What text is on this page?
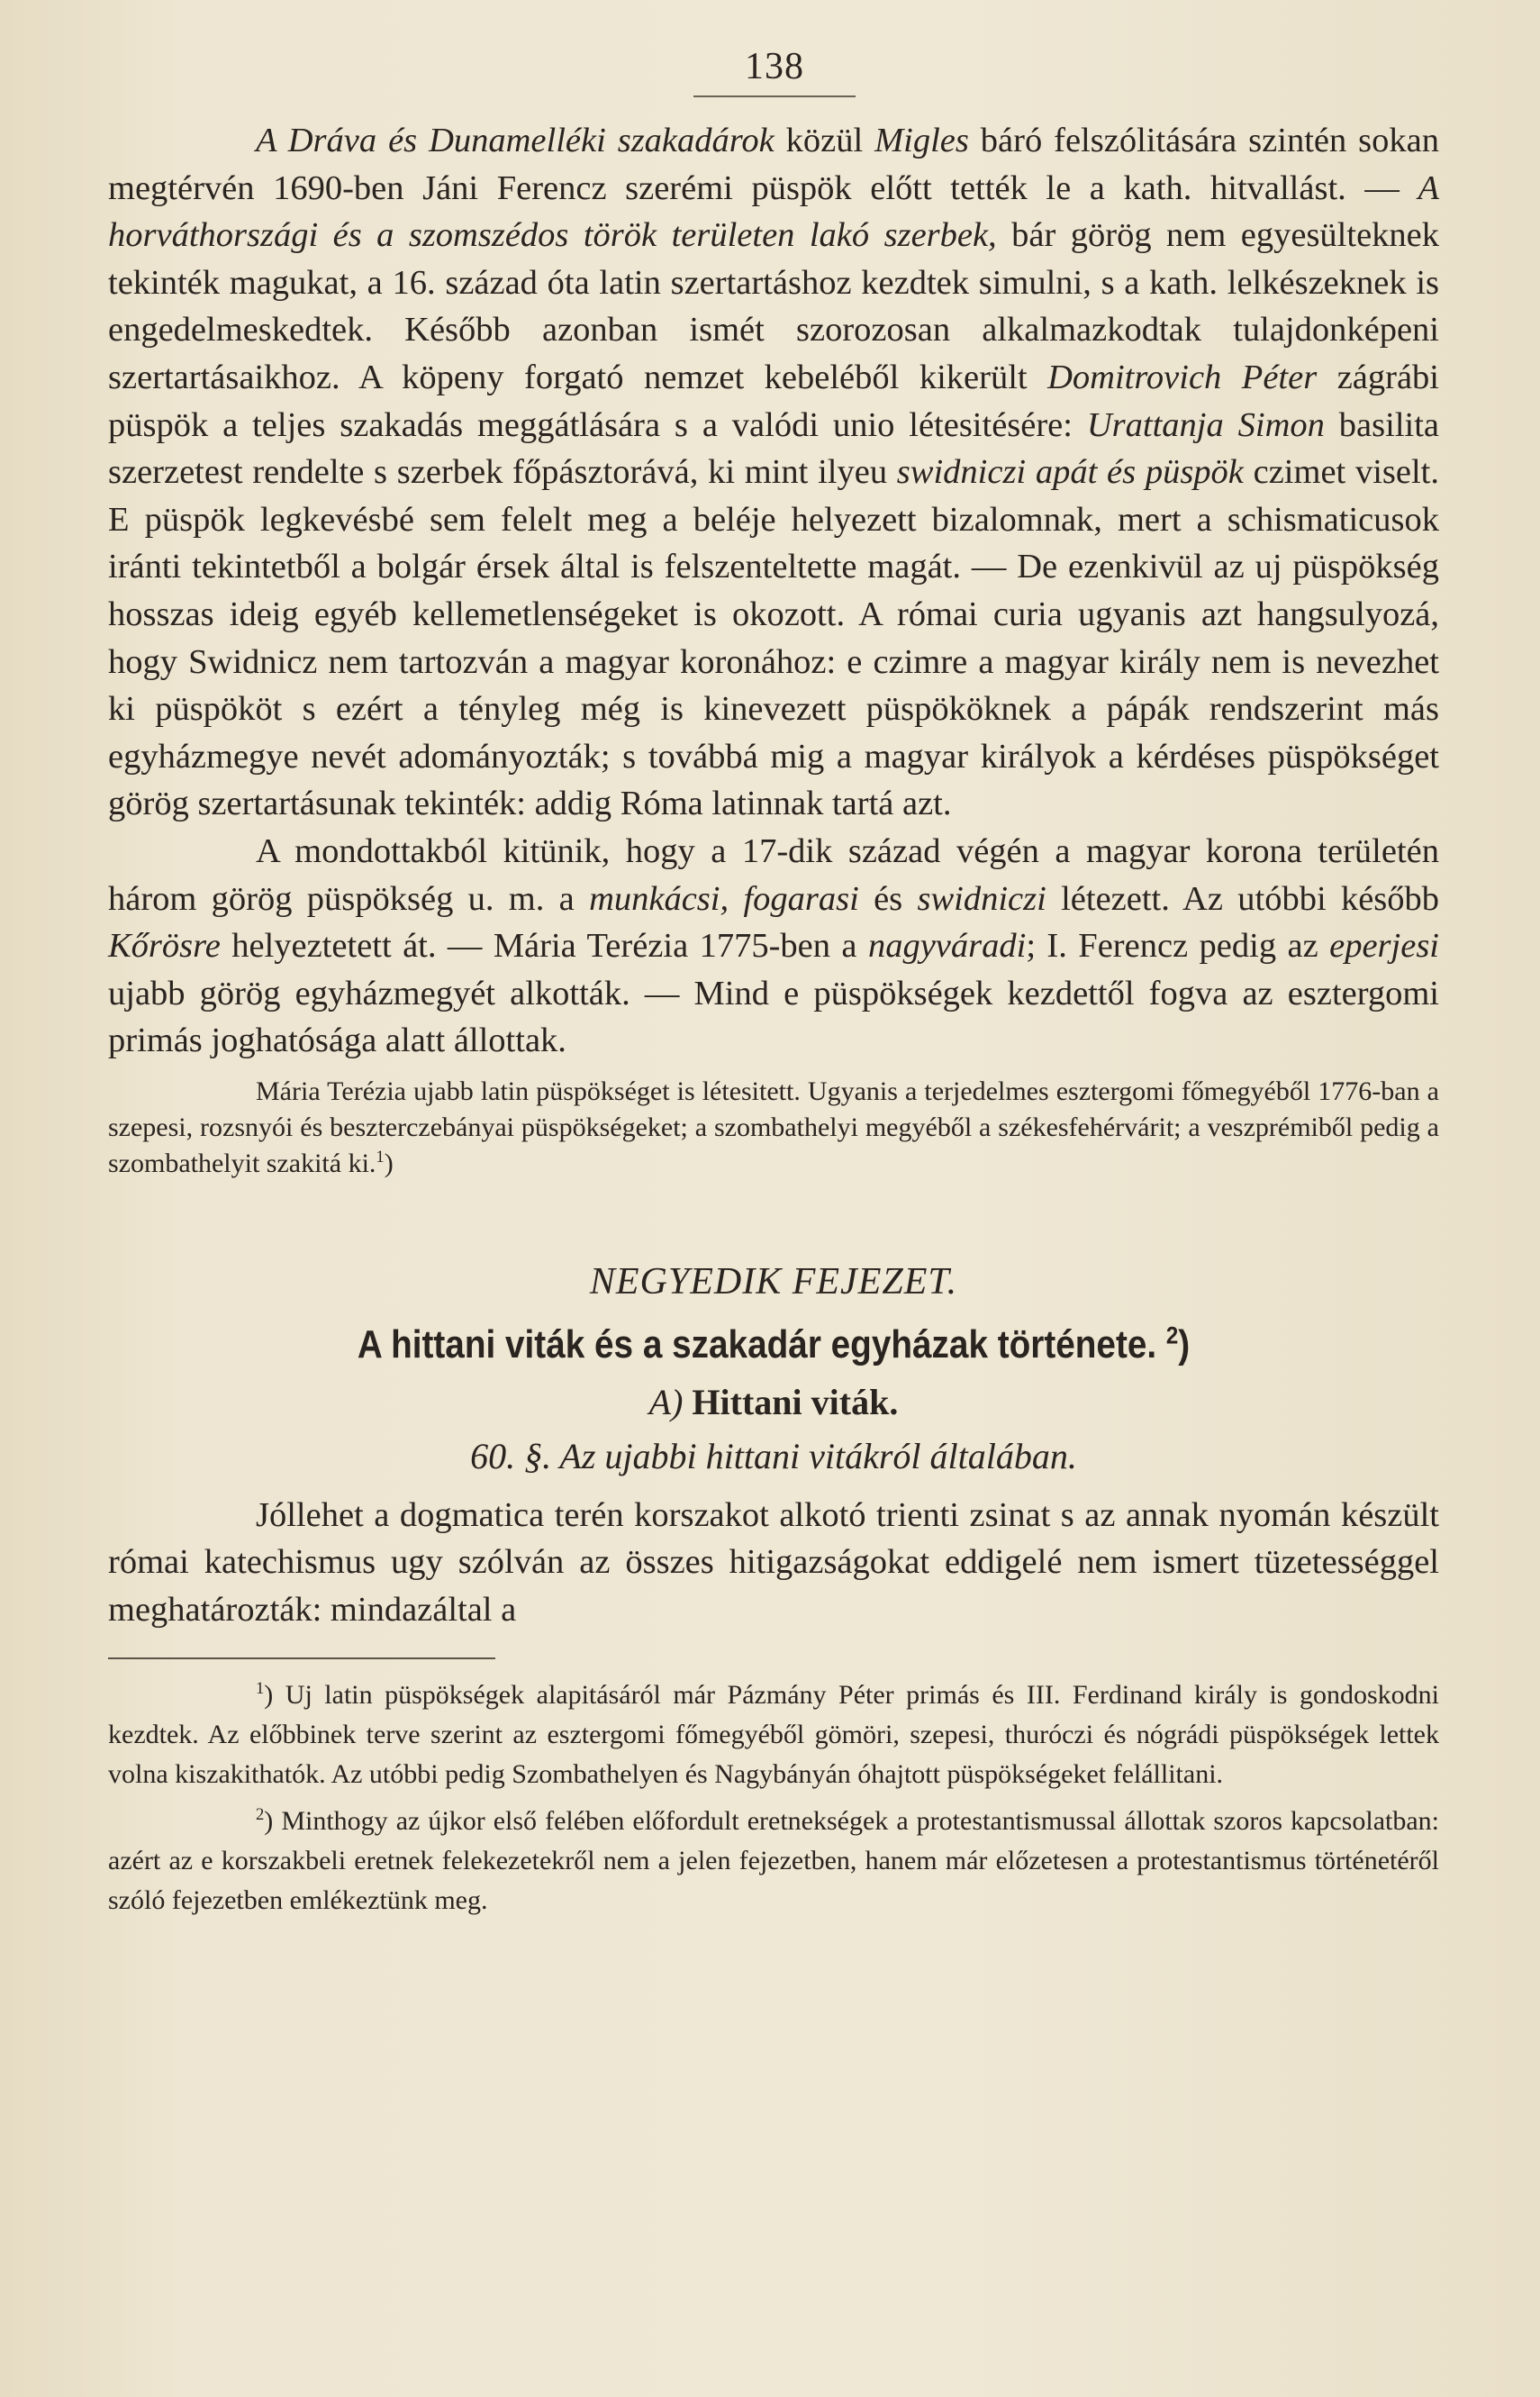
138

A Dráva és Dunamelléki szakadárok közül Migles báró felszólitására szintén sokan megtérvén 1690-ben Jáni Ferencz szerémi püspök előtt tették le a kath. hitvallást. — A horváthországi és a szomszédos török területen lakó szerbek, bár görög nem egyesülteknek tekinték magukat, a 16. század óta latin szertartáshoz kezdtek simulni, s a kath. lelkészeknek is engedelmeskedtek. Később azonban ismét szorozosan alkalmazkodtak tulajdonképeni szertartásaikhoz. A köpeny forgató nemzet kebeléből kikerült Domitrovich Péter zágrábi püspök a teljes szakadás meggátlására s a valódi unio létesitésére: Urattanja Simon basilita szerzetest rendelte s szerbek főpásztorává, ki mint ilyeu swidniczi apát és püspök czimet viselt. E püspök legkevésbé sem felelt meg a beléje helyezett bizalomnak, mert a schismaticusok iránti tekintetből a bolgár érsek által is felszenteltette magát. — De ezenkivül az uj püspökség hosszas ideig egyéb kellemetlenségeket is okozott. A római curia ugyanis azt hangsulyozá, hogy Swidnicz nem tartozván a magyar koronához: e czimre a magyar király nem is nevezhet ki püspököt s ezért a tényleg még is kinevezett püspököknek a pápák rendszerint más egyházmegye nevét adományozták; s továbbá mig a magyar királyok a kérdéses püspökséget görög szertartásunak tekinték: addig Róma latinnak tartá azt.

A mondottakból kitünik, hogy a 17-dik század végén a magyar korona területén három görög püspökség u. m. a munkácsi, fogarasi és swidniczi létezett. Az utóbbi később Kőrösre helyeztetett át. — Mária Terézia 1775-ben a nagyváradi; I. Ferencz pedig az eperjesi ujabb görög egyházmegyét alkották. — Mind e püspökségek kezdettől fogva az esztergomi primás joghatósága alatt állottak.

Mária Terézia ujabb latin püspökséget is létesitett. Ugyanis a terjedelmes esztergomi főmegyéből 1776-ban a szepesi, rozsnyói és beszterczebányai püspökségeket; a szombathelyi megyéből a székesfehérvárit; a veszprémiből pedig a szombathelyit szakitá ki.$^1$)

NEGYEDIK FEJEZET.

A hittani viták és a szakadár egyházak története. $^2$)

A) Hittani viták.

60. §. Az ujabbi hittani vitákról általában.

Jóllehet a dogmatica terén korszakot alkotó trienti zsinat s az annak nyomán készült római katechismus ugy szólván az összes hitigazságokat eddigelé nem ismert tüzetességgel meghatározták: mindazáltal a

$^1$) Uj latin püspökségek alapitásáról már Pázmány Péter primás és III. Ferdinand király is gondoskodni kezdtek. Az előbbinek terve szerint az esztergomi főmegyéből gömöri, szepesi, thuróczi és nógrádi püspökségek lettek volna kiszakithatók. Az utóbbi pedig Szombathelyen és Nagybányán óhajtott püspökségeket felállitani.

$^2$) Minthogy az újkor első felében előfordult eretnekségek a protestantismussal állottak szoros kapcsolatban: azért az e korszakbeli eretnek felekezetekről nem a jelen fejezetben, hanem már előzetesen a protestantismus történetéről szóló fejezetben emlékeztünk meg.
